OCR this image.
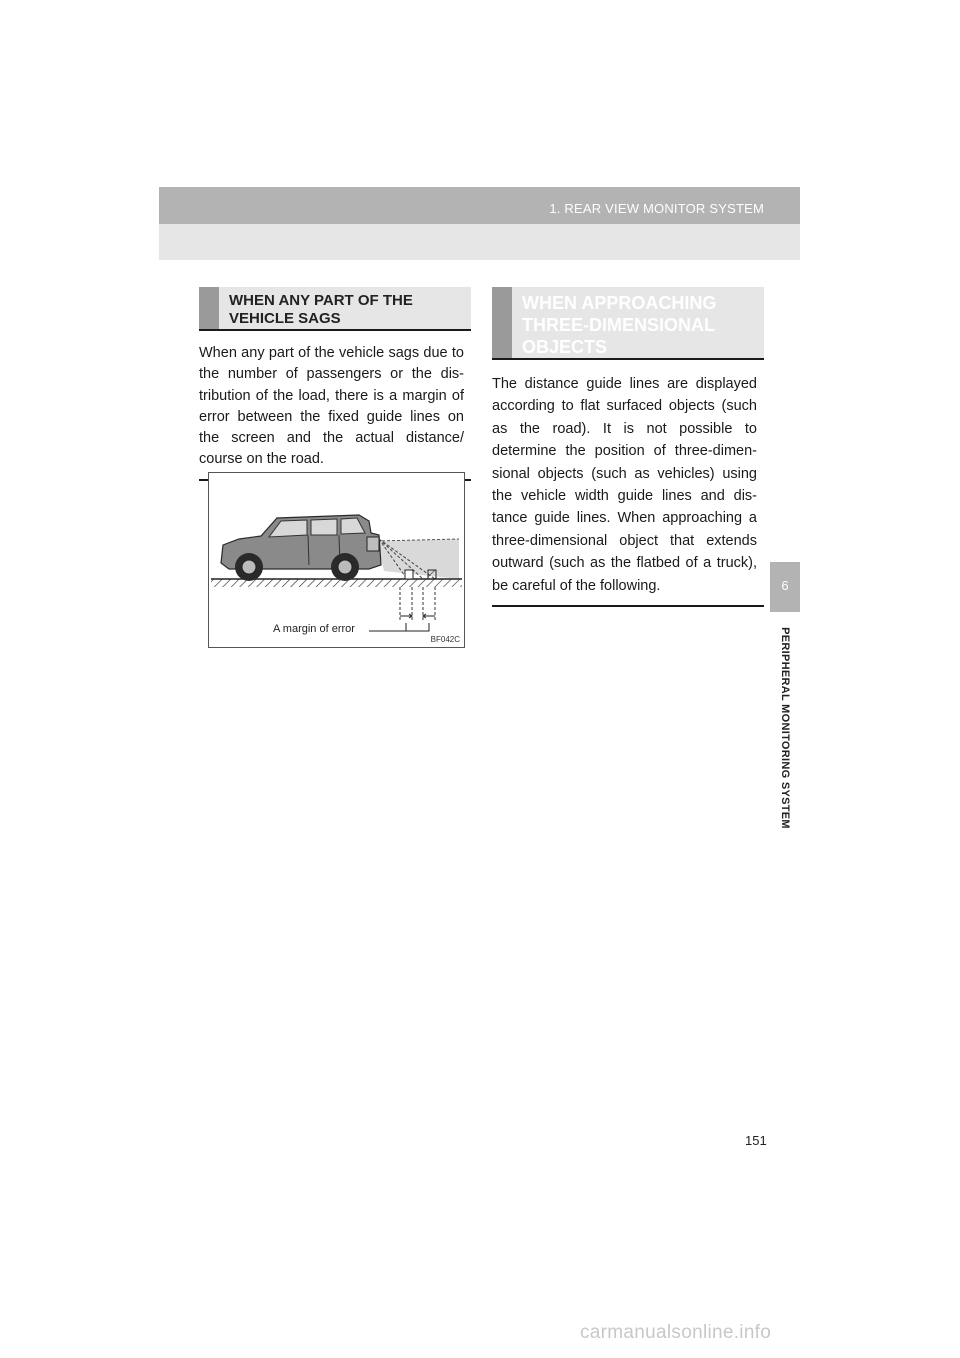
1. REAR VIEW MONITOR SYSTEM
6
PERIPHERAL MONITORING SYSTEM
WHEN ANY PART OF THE VEHICLE SAGS
When any part of the vehicle sags due to the number of passengers or the dis-tribution of the load, there is a margin of error between the fixed guide lines on the screen and the actual distance/ course on the road.
A margin of error
BF042C
WHEN APPROACHING THREE-DIMENSIONAL OBJECTS
The distance guide lines are displayed according to flat surfaced objects (such as the road). It is not possible to determine the position of three-dimen-sional objects (such as vehicles) using the vehicle width guide lines and dis-tance guide lines. When approaching a three-dimensional object that extends outward (such as the flatbed of a truck), be careful of the following.
151
carmanualsonline.info
